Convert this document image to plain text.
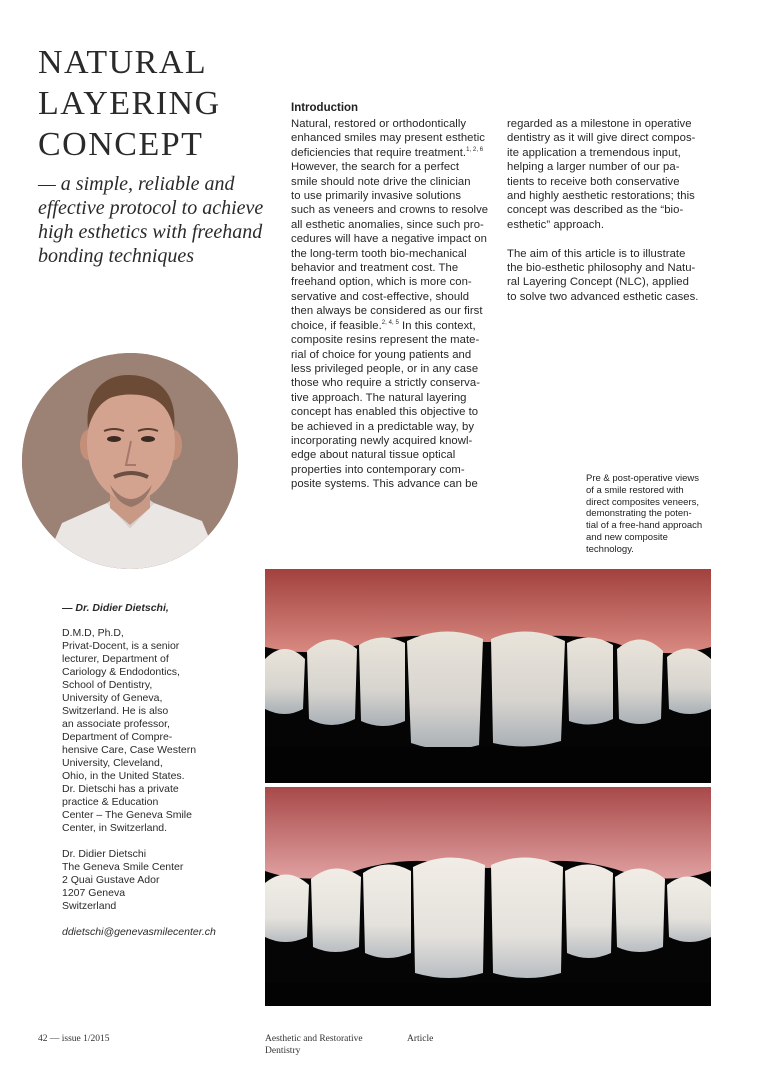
NATURAL
LAYERING
CONCEPT
— a simple, reliable and effective protocol to achieve high esthetics with freehand bonding techniques
— Dr. Didier Dietschi,

D.M.D, Ph.D,

Privat-Docent, is a senior

lecturer, Department of

Cariology & Endodontics,

School of Dentistry,

University of Geneva,

Switzerland. He is also

an associate professor,

Department of Compre-

hensive Care, Case Western

University, Cleveland,

Ohio, in the United States.

Dr. Dietschi has a private

practice & Education

Center – The Geneva Smile

Center, in Switzerland.

Dr. Didier Dietschi

The Geneva Smile Center

2 Quai Gustave Ador

1207 Geneva

Switzerland

ddietschi@genevasmilecenter.ch
Introduction
Natural, restored or orthodontically
enhanced smiles may present esthetic
deficiencies that require treatment.$^{1, 2, 6}$
However, the search for a perfect
smile should note drive the clinician
to use primarily invasive solutions
such as veneers and crowns to resolve
all esthetic anomalies, since such pro-
cedures will have a negative impact on
the long-term tooth bio-mechanical
behavior and treatment cost. The
freehand option, which is more con-
servative and cost-effective, should
then always be considered as our first
choice, if feasible.$^{2, 4, 5}$ In this context,
composite resins represent the mate-
rial of choice for young patients and
less privileged people, or in any case
those who require a strictly conserva-
tive approach. The natural layering
concept has enabled this objective to
be achieved in a predictable way, by
incorporating newly acquired knowl-
edge about natural tissue optical
properties into contemporary com-
posite systems. This advance can be
regarded as a milestone in operative
dentistry as it will give direct compos-
ite application a tremendous input,
helping a larger number of our pa-
tients to receive both conservative
and highly aesthetic restorations; this
concept was described as the “bio-
esthetic” approach.
The aim of this article is to illustrate
the bio-esthetic philosophy and Natu-
ral Layering Concept (NLC), applied
to solve two advanced esthetic cases.
Pre & post-operative views
of a smile restored with
direct composites veneers,
demonstrating the poten-
tial of a free-hand approach
and new composite
technology.
42 — issue 1/2015	Aesthetic and Restorative Dentistry
Article
